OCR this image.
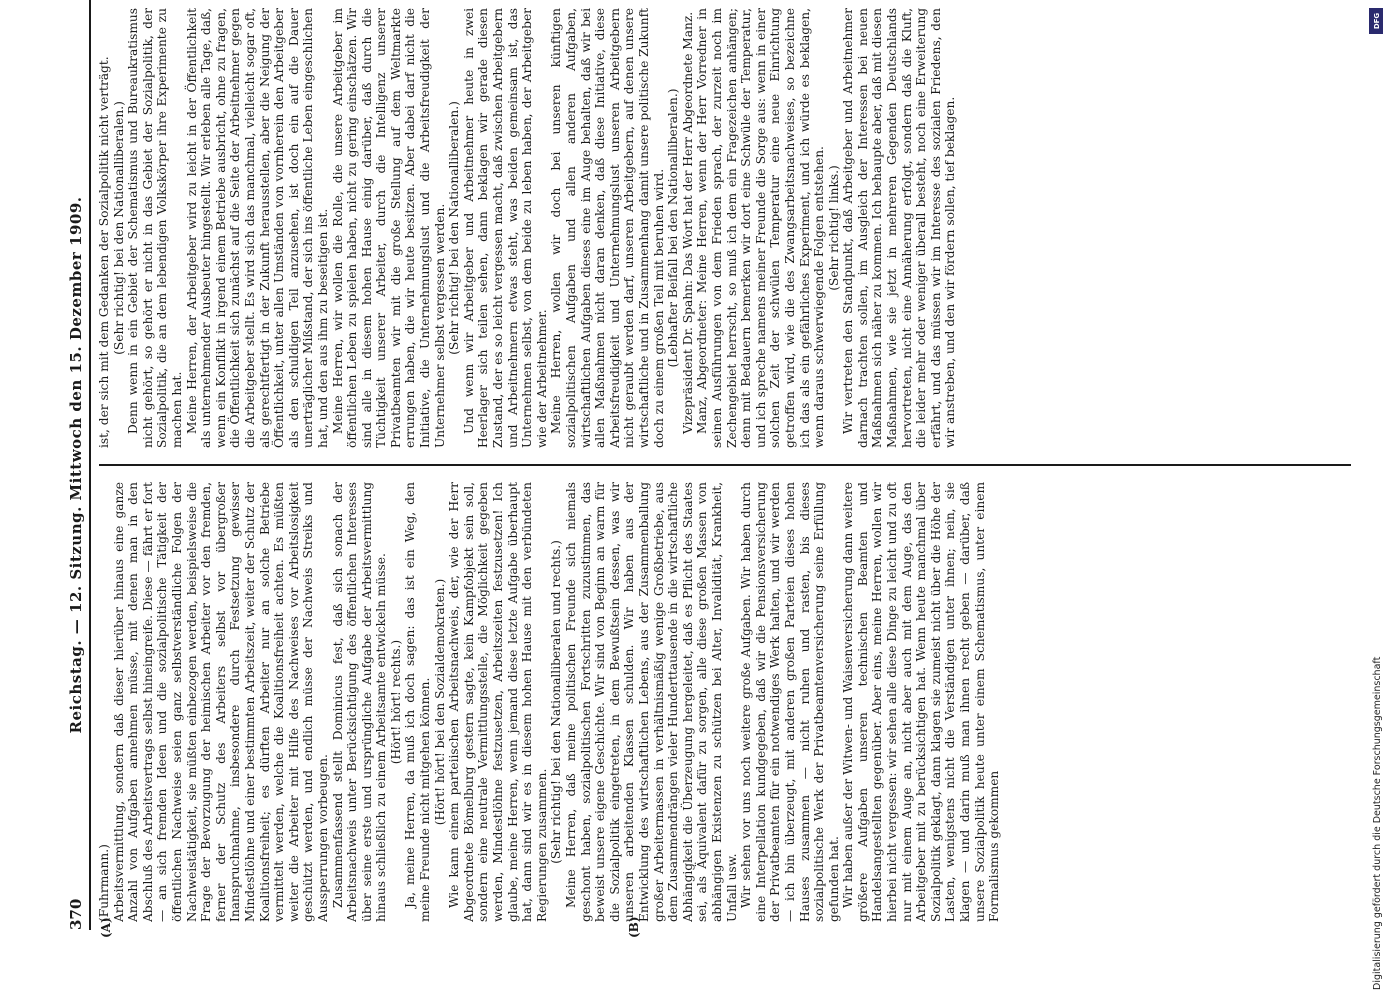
Reichstag. — 12. Sitzung. Mittwoch den 15. Dezember 1909.
370 (A)	(B)

(Fuhrmann.) Arbeitsvermittlung, sondern daß dieser hierüber hinaus eine ganze Anzahl von Aufgaben annehmen müsse, mit denen man in den Abschluß des Arbeitsvertrags selbst hineingreife. Diese — fährt er fort — an sich fremden Ideen und die sozialpolitische Tätigkeit der öffentlichen Nachweise seien ganz selbstverständliche Folgen der Nachweistätigkeit, sie müßten einbezogen werden, beispielsweise die Frage der Bevorzugung der heimischen Arbeiter vor den fremden, ferner der Schutz des Arbeiters selbst vor übergroßer Inanspruchnahme, insbesondere durch Festsetzung gewisser Mindestlöhne und einer bestimmten Arbeitszeit, weiter der Schutz der Koalitionsfreiheit; es dürften Arbeiter nur an solche Betriebe vermittelt werden, welche die Koalitionsfreiheit achten. Es müßten weiter die Arbeiter mit Hilfe des Nachweises vor Arbeitslosigkeit geschützt werden, und endlich müsse der Nachweis Streiks und Aussperrungen vorbeugen. Zusammenfassend stellt Dominicus fest, daß sich sonach der Arbeitsnachweis unter Berücksichtigung des öffentlichen Interesses über seine erste und ursprüngliche Aufgabe der Arbeitsvermittlung hinaus schließlich zu einem Arbeitsamte entwickeln müsse. (Hört! hört! rechts.) Ja, meine Herren, da muß ich doch sagen: das ist ein Weg, den meine Freunde nicht mitgehen können. (Hört! hört! bei den Sozialdemokraten.) Wie kann einem parteiischen Arbeitsnachweis, der, wie der Herr Abgeordnete Bömelburg gestern sagte, kein Kampfobjekt sein soll, sondern eine neutrale Vermittlungsstelle, die Möglichkeit gegeben werden, Mindestlöhne festzusetzen, Arbeitszeiten festzusetzen! Ich glaube, meine Herren, wenn jemand diese letzte Aufgabe überhaupt hat, dann sind wir es in diesem hohen Hause mit den verbündeten Regierungen zusammen. (Sehr richtig! bei den Nationalliberalen und rechts.) Meine Herren, daß meine politischen Freunde sich niemals geschont haben, sozialpolitischen Fortschritten zuzustimmen, das beweist unsere eigene Geschichte. Wir sind von Beginn an warm für die Sozialpolitik eingetreten, in dem Bewußtsein dessen, was wir unseren arbeitenden Klassen schulden. Wir haben aus der Entwicklung des wirtschaftlichen Lebens, aus der Zusammenballung großer Arbeitermassen in verhältnismäßig wenige Großbetriebe, aus dem Zusammendrängen vieler Hunderttausende in die wirtschaftliche Abhängigkeit die Überzeugung hergeleitet, daß es Pflicht des Staates sei, als Äquivalent dafür zu sorgen, alle diese großen Massen von abhängigen Existenzen zu schützen bei Alter, Invalidität, Krankheit, Unfall usw. Wir sehen vor uns noch weitere große Aufgaben. Wir haben durch eine Interpellation kundgegeben, daß wir die Pensionsversicherung der Privatbeamten für ein notwendiges Werk halten, und wir werden — ich bin überzeugt, mit anderen großen Parteien dieses hohen Hauses zusammen — nicht ruhen und rasten, bis dieses sozialpolitische Werk der Privatbeamtenversicherung seine Erfüllung gefunden hat. Wir haben außer der Witwen- und Waisenversicherung dann weitere größere Aufgaben unseren technischen Beamten und Handelsangestellten gegenüber. Aber eins, meine Herren, wollen wir hierbei nicht vergessen: wir sehen alle diese Dinge zu leicht und zu oft nur mit einem Auge an, nicht aber auch mit dem Auge, das den Arbeitgeber mit zu berücksichtigen hat. Wenn heute manchmal über Sozialpolitik geklagt, dann klagen sie zumeist nicht über die Höhe der Lasten, wenigstens nicht die Verständigen unter ihnen; nein, sie klagen — und darin muß man ihnen recht geben — darüber, daß unsere Sozialpolitik heute unter einem Schematismus, unter einem Formalismus gekommen

ist, der sich mit dem Gedanken der Sozialpolitik nicht verträgt. (Sehr richtig! bei den Nationalliberalen.) Denn wenn in ein Gebiet der Schematismus und Bureaukratismus nicht gehört, so gehört er nicht in das Gebiet der Sozialpolitik, der Sozialpolitik, die an dem lebendigen Volkskörper ihre Experimente zu machen hat. Meine Herren, der Arbeitgeber wird zu leicht in der Öffentlichkeit als unternehmender Ausbeuter hingestellt. Wir erleben alle Tage, daß, wenn ein Konflikt in irgend einem Betriebe ausbricht, ohne zu fragen, die Öffentlichkeit sich zunächst auf die Seite der Arbeitnehmer gegen die Arbeitgeber stellt. Es wird sich das manchmal, vielleicht sogar oft, als gerechtfertigt in der Zukunft herausstellen, aber die Neigung der Öffentlichkeit, unter allen Umständen von vornherein den Arbeitgeber als den schuldigen Teil anzusehen, ist doch ein auf die Dauer unerträglicher Mißstand, der sich ins öffentliche Leben eingeschlichen hat, und den aus ihm zu beseitigen ist. Meine Herren, wir wollen die Rolle, die unsere Arbeitgeber im öffentlichen Leben zu spielen haben, nicht zu gering einschätzen. Wir sind alle in diesem hohen Hause einig darüber, daß durch die Tüchtigkeit unserer Arbeiter, durch die Intelligenz unserer Privatbeamten wir mit die große Stellung auf dem Weltmarkte errungen haben, die wir heute besitzen. Aber dabei darf nicht die Initiative, die Unternehmungslust und die Arbeitsfreudigkeit der Unternehmer selbst vergessen werden. (Sehr richtig! bei den Nationalliberalen.) Und wenn wir Arbeitgeber und Arbeitnehmer heute in zwei Heerlager sich teilen sehen, dann beklagen wir gerade diesen Zustand, der es so leicht vergessen macht, daß zwischen Arbeitgebern und Arbeitnehmern etwas steht, was beiden gemeinsam ist, das Unternehmen selbst, von dem beide zu leben haben, der Arbeitgeber wie der Arbeitnehmer. Meine Herren, wollen wir doch bei unseren künftigen sozialpolitischen Aufgaben und allen anderen Aufgaben, wirtschaftlichen Aufgaben dieses eine im Auge behalten, daß wir bei allen Maßnahmen nicht daran denken, daß diese Initiative, diese Arbeitsfreudigkeit und Unternehmungslust unseren Arbeitgebern nicht geraubt werden darf, unseren Arbeitgebern, auf denen unsere wirtschaftliche und in Zusammenhang damit unsere politische Zukunft doch zu einem großen Teil mit beruhen wird. (Lebhafter Beifall bei den Nationalliberalen.) Vizepräsident Dr. Spahn: Das Wort hat der Herr Abgeordnete Manz. Manz, Abgeordneter: Meine Herren, wenn der Herr Vorredner in seinen Ausführungen von dem Frieden sprach, der zurzeit noch im Zechengebiet herrscht, so muß ich dem ein Fragezeichen anhängen; denn mit Bedauern bemerken wir dort eine Schwüle der Temperatur, und ich spreche namens meiner Freunde die Sorge aus: wenn in einer solchen Zeit der schwülen Temperatur eine neue Einrichtung getroffen wird, wie die des Zwangsarbeitsnachweises, so bezeichne ich das als ein gefährliches Experiment, und ich würde es beklagen, wenn daraus schwerwiegende Folgen entstehen. (Sehr richtig! links.) Wir vertreten den Standpunkt, daß Arbeitgeber und Arbeitnehmer darnach trachten sollen, im Ausgleich der Interessen bei neuen Maßnahmen sich näher zu kommen. Ich behaupte aber, daß mit diesen Maßnahmen, wie sie jetzt in mehreren Gegenden Deutschlands hervortreten, nicht eine Annäherung erfolgt, sondern daß die Kluft, die leider mehr oder weniger überall besteht, noch eine Erweiterung erfährt, und das müssen wir im Interesse des sozialen Friedens, den wir anstreben, und den wir fördern sollen, tief beklagen.

DFG
Digitalisierung gefördert durch die Deutsche Forschungsgemeinschaft
